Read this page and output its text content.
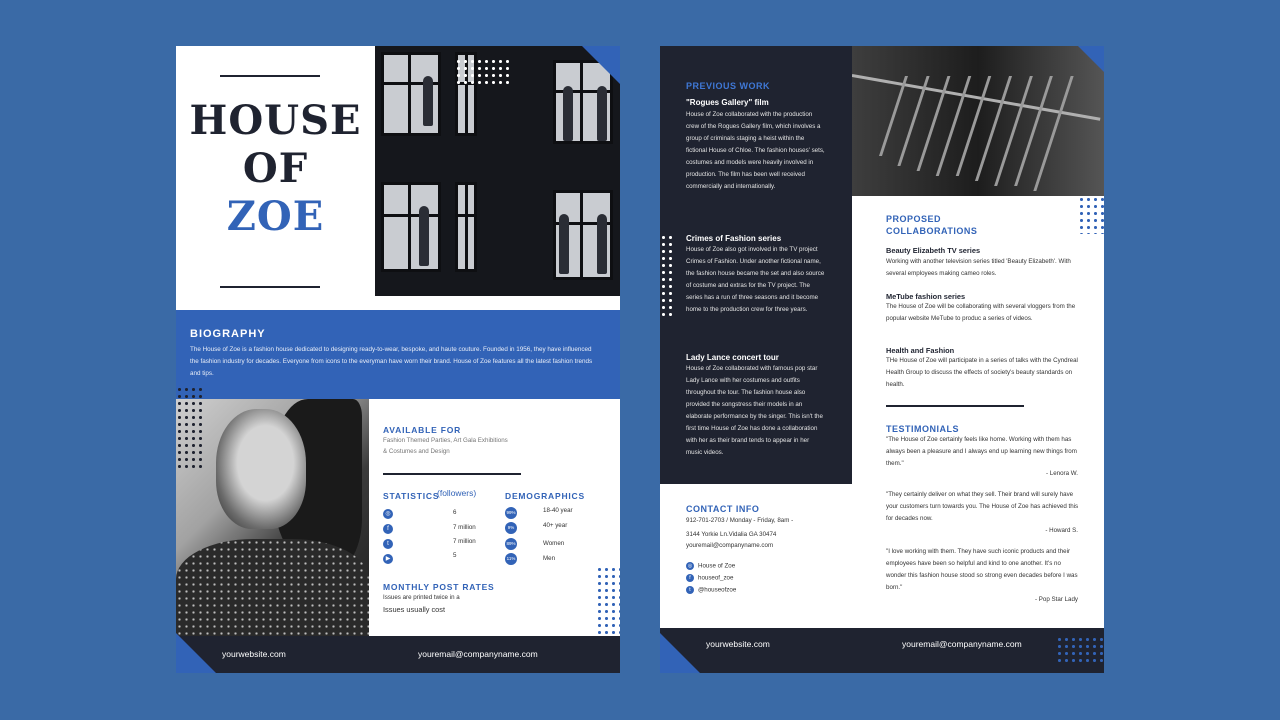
HOUSE
OF
ZOE
BIOGRAPHY
The House of Zoe is a fashion house dedicated to designing ready-to-wear, bespoke, and haute couture. Founded in 1956, they have influenced the fashion industry for decades. Everyone from icons to the everyman have worn their brand. House of Zoe features all the latest fashion trends and tips.
AVAILABLE FOR
Fashion Themed Parties, Art Gala Exhibitions
& Costumes and Design
STATISTICS
(followers)
◎	6
f	7 million
t	7 million
▶	5
DEMOGRAPHICS
99%	18-40 year
9%	40+ year
89%	Women
11%	Men
MONTHLY POST RATES
Issues are printed twice in a
Issues usually cost
yourwebsite.com	youremail@companyname.com
PREVIOUS WORK
"Rogues Gallery" film
House of Zoe collaborated with the production crew of the Rogues Gallery film, which involves a group of criminals staging a heist within the fictional House of Chloe. The fashion houses' sets, costumes and models were heavily involved in production. The film has been well received commercially and internationally.
Crimes of Fashion series
House of Zoe also got involved in the TV project Crimes of Fashion. Under another fictional name, the fashion house became the set and also source of costume and extras for the TV project. The series has a run of three seasons and it become home to the production crew for three years.
Lady Lance concert tour
House of Zoe collaborated with famous pop star Lady Lance with her costumes and outfits throughout the tour. The fashion house also provided the songstress their models in an elaborate performance by the singer. This isn't the first time House of Zoe has done a collaboration with her as their brand tends to appear in her music videos.
PROPOSED
COLLABORATIONS
Beauty Elizabeth TV series
Working with another television series titled 'Beauty Elizabeth'. With several employees making cameo roles.
MeTube fashion series
The House of Zoe will be collaborating with several vloggers from the popular website MeTube to produc a series of videos.
Health and Fashion
THe House of Zoe will participate in a series of talks with the Cyndreal Health Group to discuss the effects of society's beauty standards on health.
TESTIMONIALS
"The House of Zoe certainly feels like home. Working with them has always been a pleasure and I always end up learning new things from them."
- Lenora W.
"They certainly deliver on what they sell. Their brand will surely have your customers turn towards you. The House of Zoe has achieved this for decades now.
- Howard S.
"I love working with them. They have such iconic products and their employees have been so helpful and kind to one another. It's no wonder this fashion house stood so strong even decades before I was born."
- Pop Star Lady
CONTACT INFO
912-701-2703 / Monday - Friday, 8am -
3144 Yorkie Ln.Vidalia GA 30474
youremail@companyname.com
◎ House of Zoe
f houseof_zoe
t @houseofzoe
yourwebsite.com	youremail@companyname.com
